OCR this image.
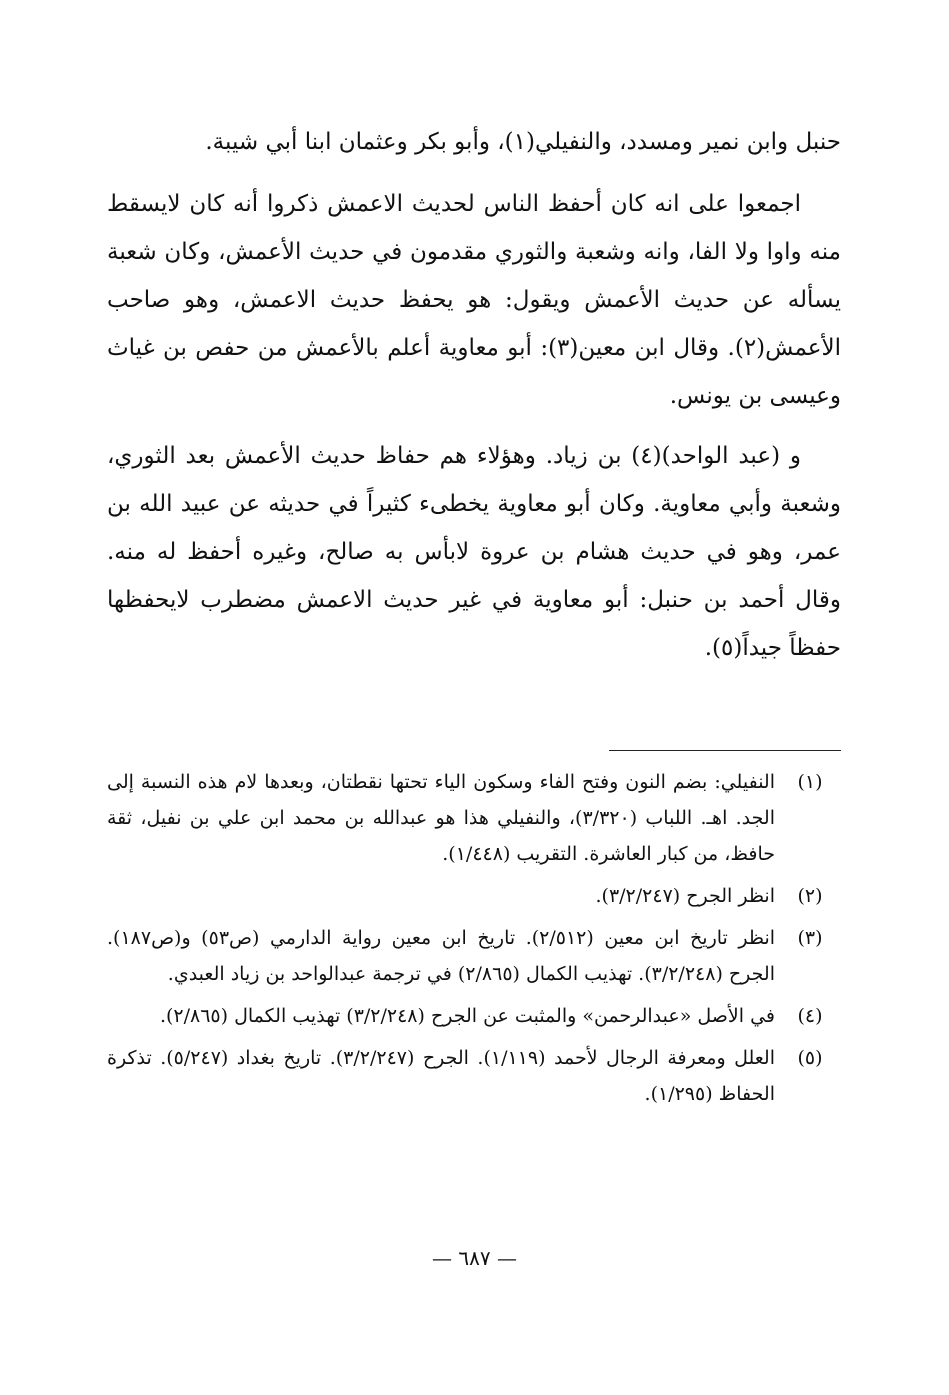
حنبل وابن نمير ومسدد، والنفيلي(١)، وأبو بكر وعثمان ابنا أبي شيبة.

اجمعوا على انه كان أحفظ الناس لحديث الاعمش ذكروا أنه كان لايسقط منه واوا ولا الفا، وانه وشعبة والثوري مقدمون في حديث الأعمش، وكان شعبة يسأله عن حديث الأعمش ويقول: هو يحفظ حديث الاعمش، وهو صاحب الأعمش(٢). وقال ابن معين(٣): أبو معاوية أعلم بالأعمش من حفص بن غياث وعيسى بن يونس.

و (عبد الواحد)(٤) بن زياد. وهؤلاء هم حفاظ حديث الأعمش بعد الثوري، وشعبة وأبي معاوية. وكان أبو معاوية يخطىء كثيراً في حديثه عن عبيد الله بن عمر، وهو في حديث هشام بن عروة لابأس به صالح، وغيره أحفظ له منه. وقال أحمد بن حنبل: أبو معاوية في غير حديث الاعمش مضطرب لايحفظها حفظاً جيداً(٥).

(١)
النفيلي: بضم النون وفتح الفاء وسكون الياء تحتها نقطتان، وبعدها لام هذه النسبة إلى الجد. اهـ. اللباب (٣/٣٢٠)، والنفيلي هذا هو عبدالله بن محمد ابن علي بن نفيل، ثقة حافظ، من كبار العاشرة. التقريب (١/٤٤٨).
(٢)
انظر الجرح (٣/٢/٢٤٧).
(٣)
انظر تاريخ ابن معين (٢/٥١٢). تاريخ ابن معين رواية الدارمي (ص٥٣) و(ص١٨٧). الجرح (٣/٢/٢٤٨). تهذيب الكمال (٢/٨٦٥) في ترجمة عبدالواحد بن زياد العبدي.
(٤)
في الأصل «عبدالرحمن» والمثبت عن الجرح (٣/٢/٢٤٨) تهذيب الكمال (٢/٨٦٥).
(٥)
العلل ومعرفة الرجال لأحمد (١/١١٩). الجرح (٣/٢/٢٤٧). تاريخ بغداد (٥/٢٤٧). تذكرة الحفاظ (١/٢٩٥).
— ٦٨٧ —
